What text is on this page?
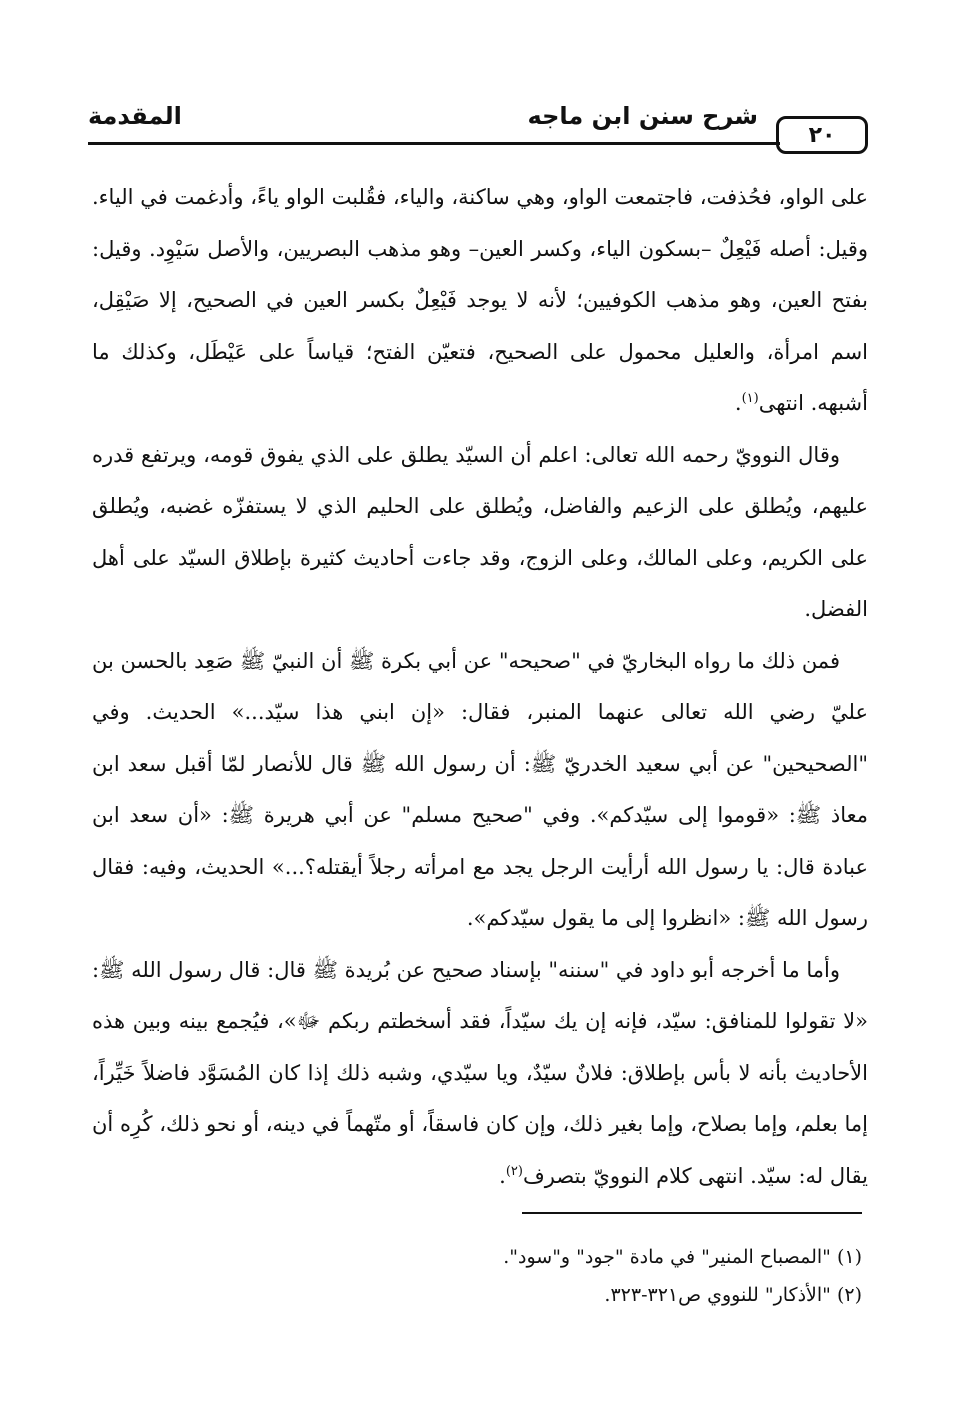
٢٠
شرح سنن ابن ماجه
المقدمة

على الواو، فحُذفت، فاجتمعت الواو، وهي ساكنة، والياء، فقُلبت الواو ياءً، وأدغمت في الياء. وقيل: أصله فَيْعِلٌ –بسكون الياء، وكسر العين– وهو مذهب البصريين، والأصل سَيْوِد. وقيل: بفتح العين، وهو مذهب الكوفيين؛ لأنه لا يوجد فَيْعِلٌ بكسر العين في الصحيح، إلا صَيْقِل، اسم امرأة، والعليل محمول على الصحيح، فتعيّن الفتح؛ قياساً على عَيْطَل، وكذلك ما أشبهه. انتهى$^{(١)}$.

وقال النوويّ رحمه الله تعالى: اعلم أن السيّد يطلق على الذي يفوق قومه، ويرتفع قدره عليهم، ويُطلق على الزعيم والفاضل، ويُطلق على الحليم الذي لا يستفزّه غضبه، ويُطلق على الكريم، وعلى المالك، وعلى الزوج، وقد جاءت أحاديث كثيرة بإطلاق السيّد على أهل الفضل.

فمن ذلك ما رواه البخاريّ في "صحيحه" عن أبي بكرة ﷺ أن النبيّ ﷺ صَعِد بالحسن بن عليّ رضي الله تعالى عنهما المنبر، فقال: «إن ابني هذا سيّد...» الحديث. وفي "الصحيحين" عن أبي سعيد الخدريّ ﷺ: أن رسول الله ﷺ قال للأنصار لمّا أقبل سعد ابن معاذ ﷺ: «قوموا إلى سيّدكم». وفي "صحيح مسلم" عن أبي هريرة ﷺ: «أن سعد ابن عبادة قال: يا رسول الله أرأيت الرجل يجد مع امرأته رجلاً أيقتله؟...» الحديث، وفيه: فقال رسول الله ﷺ: «انظروا إلى ما يقول سيّدكم».

وأما ما أخرجه أبو داود في "سننه" بإسناد صحيح عن بُريدة ﷺ قال: قال رسول الله ﷺ: «لا تقولوا للمنافق: سيّد، فإنه إن يك سيّداً، فقد أسخطتم ربكم ﷻ»، فيُجمع بينه وبين هذه الأحاديث بأنه لا بأس بإطلاق: فلانٌ سيّدٌ، ويا سيّدي، وشبه ذلك إذا كان المُسَوَّد فاضلاً خَيِّراً، إما بعلم، وإما بصلاح، وإما بغير ذلك، وإن كان فاسقاً، أو متّهماً في دينه، أو نحو ذلك، كُرِه أن يقال له: سيّد. انتهى كلام النوويّ بتصرف$^{(٢)}$.

(١) "المصباح المنير" في مادة "جود" و"سود".
(٢) "الأذكار" للنووي ص٣٢١-٣٢٣.
